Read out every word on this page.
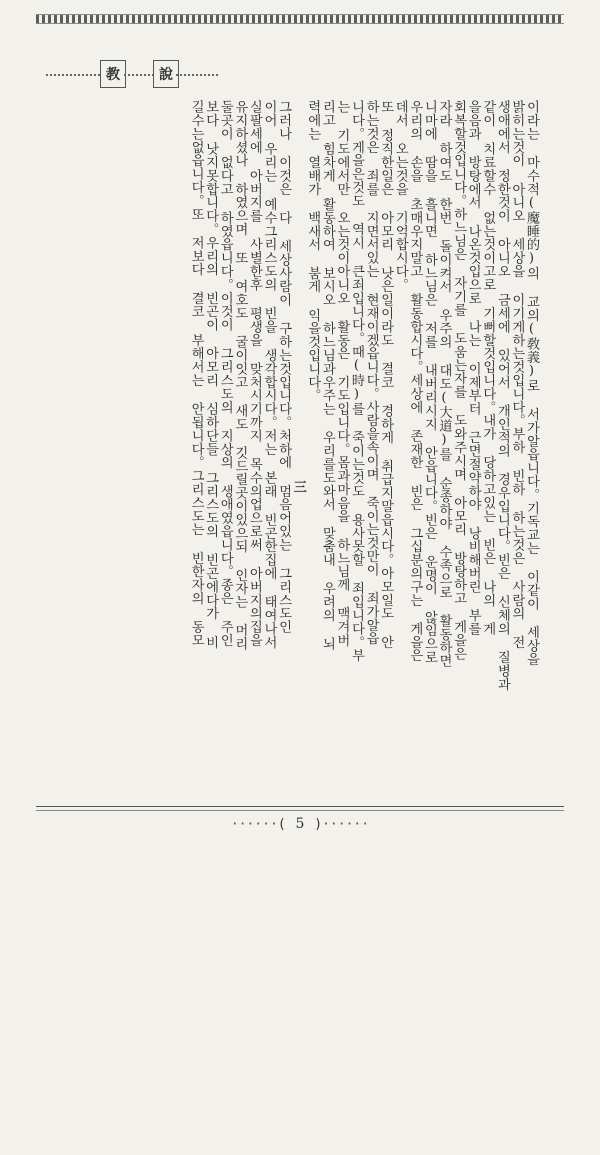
教	說
이라는 마수적(魔睡的)의 교의(敎義)로 서가알읍니다。기독교는 이같이 세상을
밝히는것이 아니오 세상을 이기게하는것입니다。부하 빈하 하는것은 사람의 전
생애에서 정한것이 아니오 금세에 있어서 개인적의 경우입니다。빈은 신체의 질병과
같이 치료할수 없는것이고로 기뻐할것입니다。내가 당하고있는 빈은 나의 게
을음과 방탕에서 나온것입으로 나는 이제부터 근면절약하야 낭비해버린 부를
회복할것입니다。하느님은 자기를 도움는자를 도와주시며 아모리 방탕하고 게을은
자라 하여도 한번 돌이켜서 우주의 대도(大道)를 순종하야 수족으로 활동하면
니마에 땀을 흘니면 하느님은 저를 내버리시지 안읍니다。빈은 운명이 않임으로
우리의 손을 초매우지말고 활동합시다。세상에 존재한 빈은 그십분의구는 게을은
데서 오는것을 기억합시다。
또 정직한일은 아모리 낫은일이라도 결코 경하게 취급지말읍시다。아모일도 안
하는것은 죄를 지면서있는 현재이겠읍니다。사람을속이며 죽이는것만이 죄가알읍
니다。게을은것도 역시 큰죄입니다。때(時)를 죽이는것도 용사못할 죄입니다。부
는 기도에서만 오는것이아니오 활동은 기도입니다。몸과마음을 하느님께 맥겨버
리고 힘차게 활동하여 보시오 하느님과우주는 우리를도와서 맞춤내 우려의 뇌
력에는 열배가 백새서 붐게 익을것입니다。
三
그러나 이것은 다 세상사람이 구하는것입니다。처하에 멈음어있는 그리스도인
이어 우리는 예수그리스도의 빈을 생각합시다。저는 본래 빈곤한집에 태여나서
실팔세에 아버지를 사별한후 평생을 맞처시기까지 목수의업으로써 아버지의집을
유지하셨나 하였으며 또 여호도 굴이잇고 새도 깃드릴곳이있으되 인자는 머리
둘곳이 없다고 하였읍니다。이것이 그리스도의 지상의 생애였읍니다。종은 주인
보다 낫지못합니다。우리의 빈곤이 아모리 심하단들 그리스도의 빈곤에다가 비
길수는없읍니다。또 저보다 결코 부해서는 안됩니다。그리스도는 빈한자의 동모
······( 5 )······
